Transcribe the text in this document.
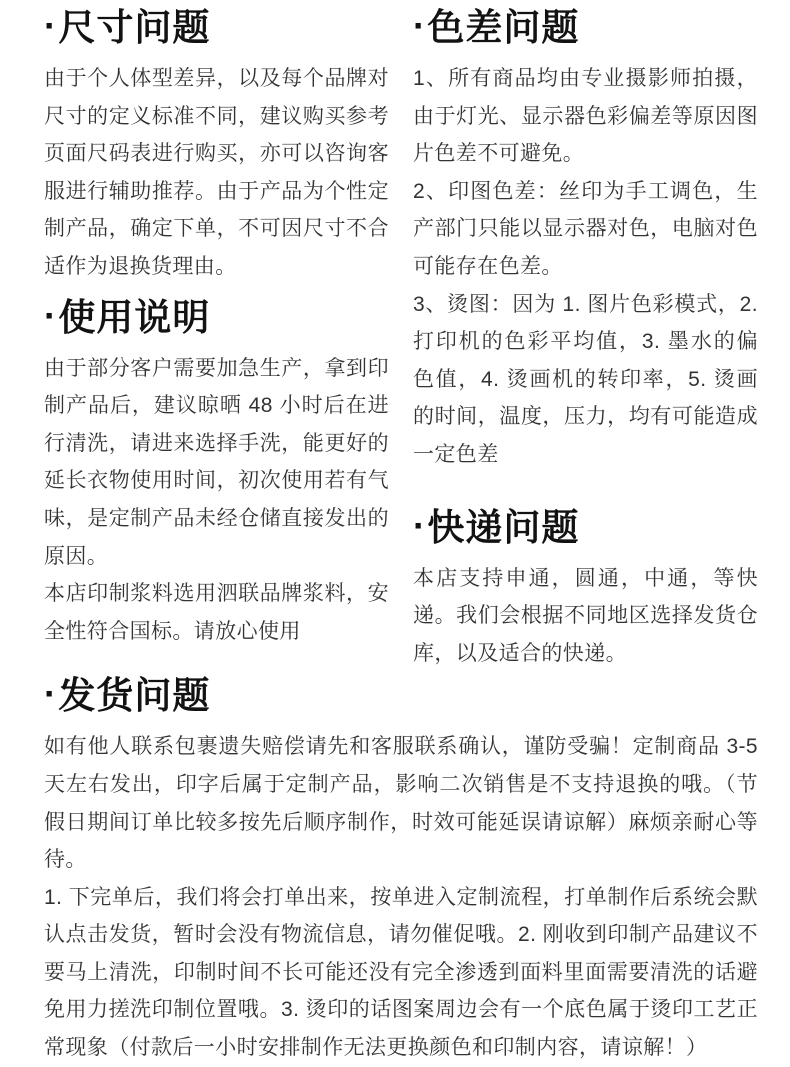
·尺寸问题

由于个人体型差异，以及每个品牌对尺寸的定义标准不同，建议购买参考页面尺码表进行购买，亦可以咨询客服进行辅助推荐。由于产品为个性定制产品，确定下单，不可因尺寸不合适作为退换货理由。

·使用说明

由于部分客户需要加急生产，拿到印制产品后，建议晾晒 48 小时后在进行清洗，请进来选择手洗，能更好的延长衣物使用时间，初次使用若有气味，是定制产品未经仓储直接发出的原因。

本店印制浆料选用泗联品牌浆料，安全性符合国标。请放心使用

·色差问题

1、所有商品均由专业摄影师拍摄，由于灯光、显示器色彩偏差等原因图片色差不可避免。

2、印图色差：丝印为手工调色，生产部门只能以显示器对色，电脑对色可能存在色差。

3、烫图：因为 1. 图片色彩模式，2. 打印机的色彩平均值，3. 墨水的偏色值，4. 烫画机的转印率，5. 烫画的时间，温度，压力，均有可能造成一定色差

·快递问题

本店支持申通，圆通，中通，等快递。我们会根据不同地区选择发货仓库，以及适合的快递。

·发货问题

如有他人联系包裹遗失赔偿请先和客服联系确认，谨防受骗！定制商品 3-5天左右发出，印字后属于定制产品，影响二次销售是不支持退换的哦。（节假日期间订单比较多按先后顺序制作，时效可能延误请谅解）麻烦亲耐心等待。

1. 下完单后，我们将会打单出来，按单进入定制流程，打单制作后系统会默认点击发货，暂时会没有物流信息，请勿催促哦。2. 刚收到印制产品建议不要马上清洗，印制时间不长可能还没有完全渗透到面料里面需要清洗的话避免用力搓洗印制位置哦。3. 烫印的话图案周边会有一个底色属于烫印工艺正常现象（付款后一小时安排制作无法更换颜色和印制内容，请谅解！）
